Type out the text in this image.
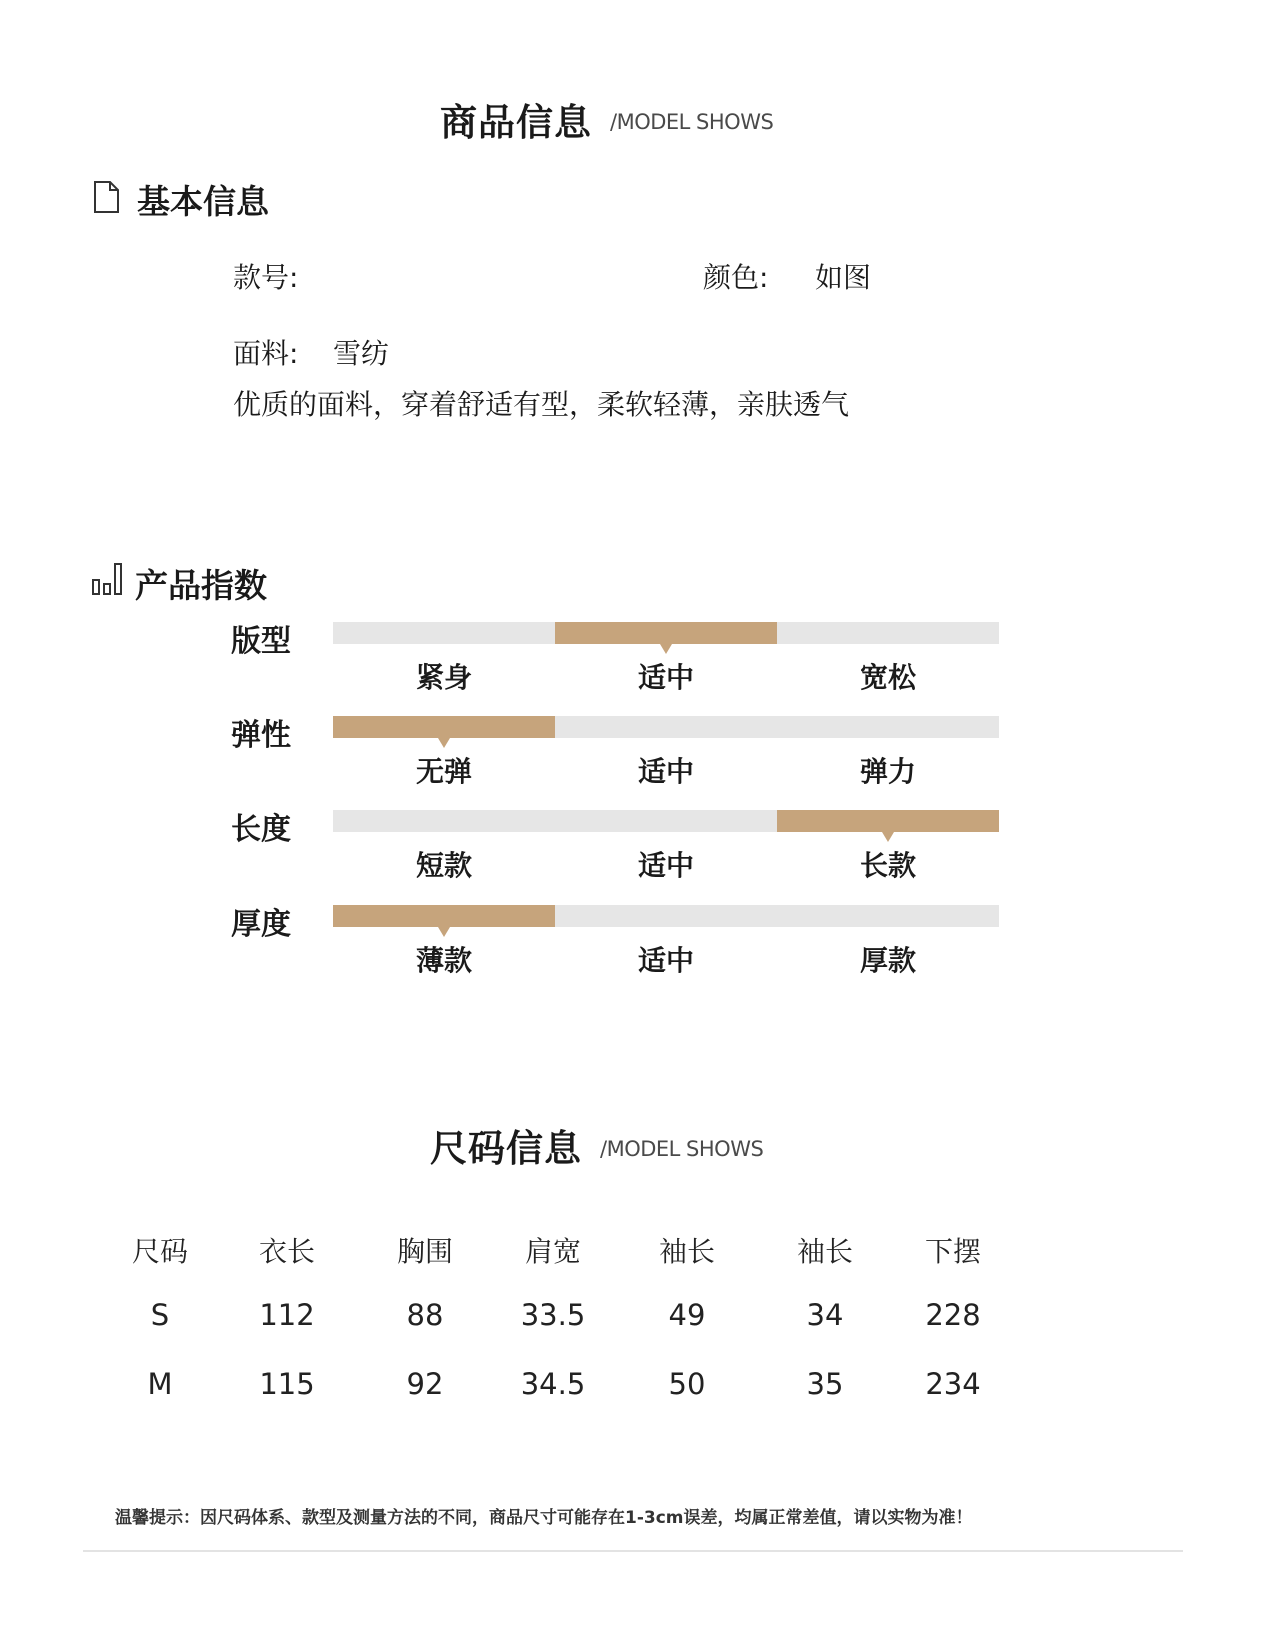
商品信息 /MODEL SHOWS
基本信息
款号:	颜色: 如图
面料: 雪纺
优质的面料，穿着舒适有型，柔软轻薄，亲肤透气
产品指数
版型
紧身	适中	宽松
弹性
无弹	适中	弹力
长度
短款	适中	长款
厚度
薄款	适中	厚款
尺码信息 /MODEL SHOWS
尺码	衣长	胸围	肩宽	袖长	袖长	下摆
S	112	88	33.5	49	34	228
M	115	92	34.5	50	35	234
温馨提示：因尺码体系、款型及测量方法的不同，商品尺寸可能存在1-3cm误差，均属正常差值，请以实物为准！
